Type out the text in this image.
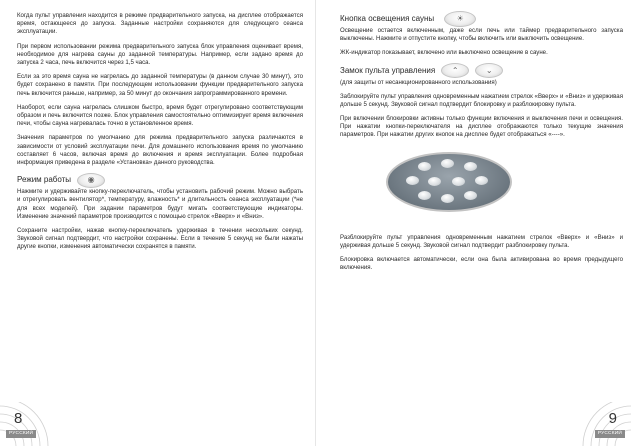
Когда пульт управления находится в режиме предварительного запуска, на дисплее отображается время, остающееся до запуска. Заданные настройки сохраняются для следующего сеанса эксплуатации.

При первом использовании режима предварительного запуска блок управления оценивает время, необходимое для нагрева сауны до заданной температуры. Например, если задано время до запуска 2 часа, печь включится через 1,5 часа.

Если за это время сауна не нагрелась до заданной температуры (в данном случае 30 минут), это будет сохранено в памяти. При последующем использовании функции предварительного запуска печь включится раньше, например, за 50 минут до окончания запрограммированного времени.

Наоборот, если сауна нагрелась слишком быстро, время будет отрегулировано соответствующим образом и печь включится позже. Блок управления самостоятельно оптимизирует время включения печи, чтобы сауна нагревалась точно в установленное время.

Значения параметров по умолчанию для режима предварительного запуска различаются в зависимости от условий эксплуатации печи. Для домашнего использования время по умолчанию составляет 6 часов, включая время до включения и время эксплуатации. Более подробная информация приведена в разделе «Установка» данного руководства.

Режим работы	◉

Нажмите и удерживайте кнопку-переключатель, чтобы установить рабочий режим. Можно выбрать и отрегулировать вентилятор*, температуру, влажность* и длительность сеанса эксплуатации (*не для всех моделей). При задании параметров будут мигать соответствующие индикаторы. Изменение значений параметров производится с помощью стрелок «Вверх» и «Вниз».

Сохраните настройки, нажав кнопку-переключатель удерживая в течении нескольких секунд. Звуковой сигнал подтвердит, что настройки сохранены. Если в течение 5 секунд не были нажаты другие кнопки, изменения автоматически сохранятся в памяти.

8
РУССКИЙ
Кнопка освещения сауны	☀

Освещение остается включенным, даже если печь или таймер предварительного запуска выключены. Нажмите и отпустите кнопку, чтобы включить или выключить освещение.

ЖК-индикатор показывает, включено или выключено освещение в сауне.

Замок пульта управления	⌃	⌄

(для защиты от несанкционированного использования)

Заблокируйте пульт управления одновременным нажатием стрелок «Вверх» и «Вниз» и удерживая дольше 5 секунд. Звуковой сигнал подтвердит блокировку и разблокировку пульта.

При включении блокировки активны только функции включения и выключения печи и освещения. При нажатии кнопки-переключателя на дисплее отображаются только текущие значения параметров. При нажатии других кнопок на дисплее будет отображаться «----».

Разблокируйте пульт управления одновременным нажатием стрелок «Вверх» и «Вниз» и удерживая дольше 5 секунд. Звуковой сигнал подтвердит разблокировку пульта.

Блокировка включается автоматически, если она была активирована во время предыдущего включения.

9
РУССКИЙ
